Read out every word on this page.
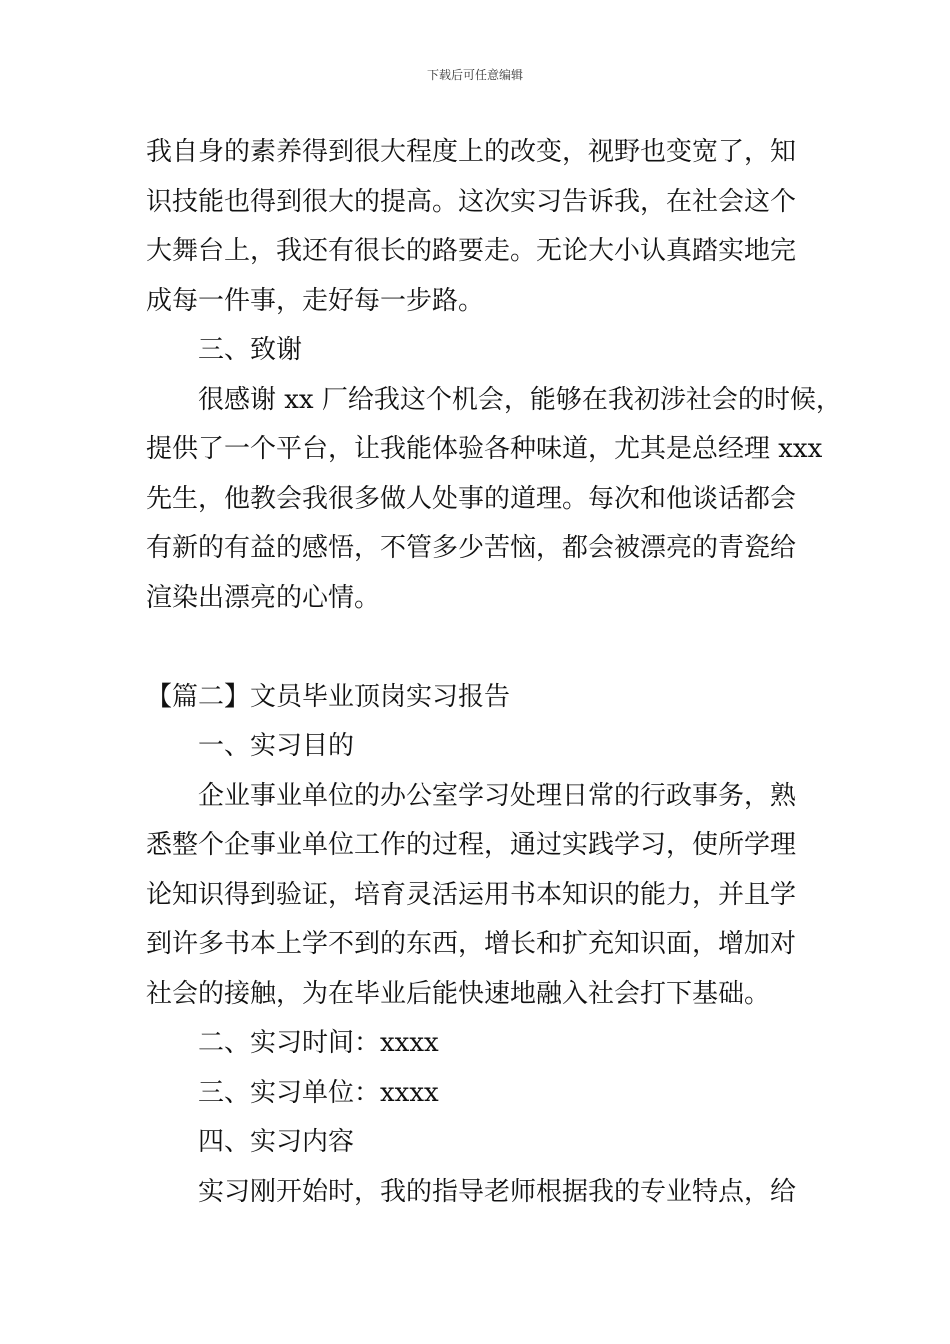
下载后可任意编辑
我自身的素养得到很大程度上的改变，视野也变宽了，知
识技能也得到很大的提高。这次实习告诉我，在社会这个
大舞台上，我还有很长的路要走。无论大小认真踏实地完
成每一件事，走好每一步路。
三、致谢
很感谢 xx 厂给我这个机会，能够在我初涉社会的时候，
提供了一个平台，让我能体验各种味道，尤其是总经理 xxx
先生，他教会我很多做人处事的道理。每次和他谈话都会
有新的有益的感悟，不管多少苦恼，都会被漂亮的青瓷给
渲染出漂亮的心情。
【篇二】文员毕业顶岗实习报告
一、实习目的
企业事业单位的办公室学习处理日常的行政事务，熟
悉整个企事业单位工作的过程，通过实践学习，使所学理
论知识得到验证，培育灵活运用书本知识的能力，并且学
到许多书本上学不到的东西，增长和扩充知识面，增加对
社会的接触，为在毕业后能快速地融入社会打下基础。
二、实习时间：xxxx
三、实习单位：xxxx
四、实习内容
实习刚开始时，我的指导老师根据我的专业特点，给
